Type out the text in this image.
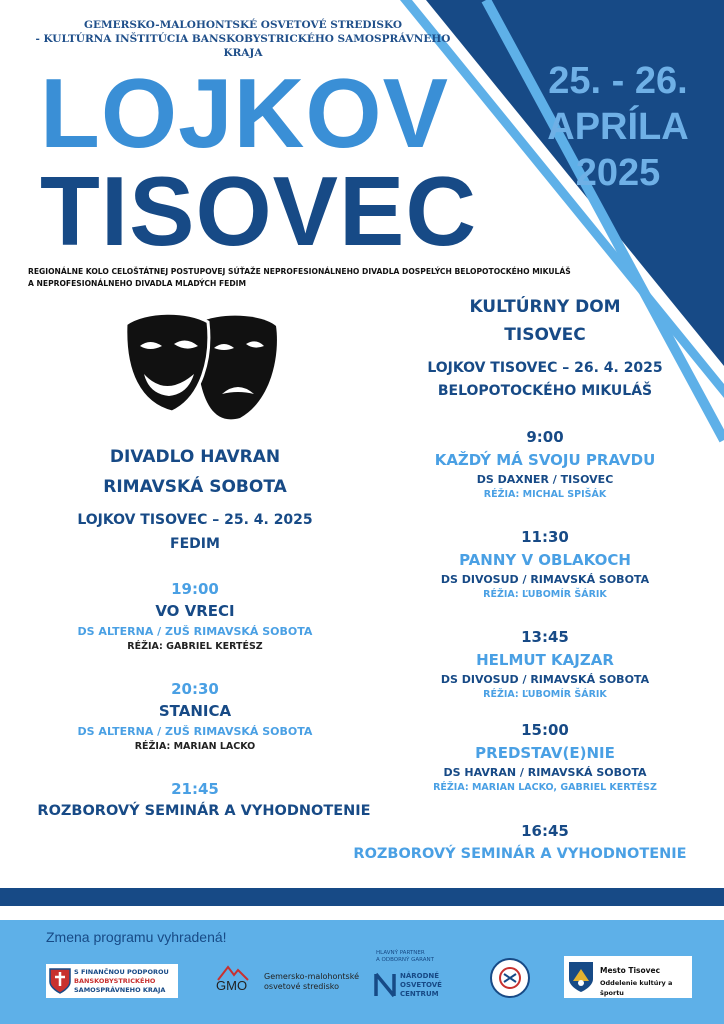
GEMERSKO-MALOHONTSKÉ OSVETOVÉ STREDISKO
- KULTÚRNA INŠTITÚCIA BANSKOBYSTRICKÉHO SAMOSPRÁVNEHO KRAJA
LOJKOV
TISOVEC
25. - 26.
APRÍLA
2025
REGIONÁLNE KOLO CELOŠTÁTNEJ POSTUPOVEJ SÚŤAŽE NEPROFESIONÁLNEHO DIVADLA DOSPELÝCH BELOPOTOCKÉHO MIKULÁŠ
A NEPROFESIONÁLNEHO DIVADLA MLADÝCH FEDIM
DIVADLO HAVRAN
RIMAVSKÁ SOBOTA
LOJKOV TISOVEC – 25. 4. 2025
FEDIM
19:00
VO VRECI
DS ALTERNA / ZUŠ RIMAVSKÁ SOBOTA
RÉŽIA: GABRIEL KERTÉSZ
20:30
STANICA
DS ALTERNA / ZUŠ RIMAVSKÁ SOBOTA
RÉŽIA: MARIAN LACKO
21:45
ROZBOROVÝ SEMINÁR A VYHODNOTENIE
KULTÚRNY DOM
TISOVEC
LOJKOV TISOVEC – 26. 4. 2025
BELOPOTOCKÉHO MIKULÁŠ
9:00
KAŽDÝ MÁ SVOJU PRAVDU
DS DAXNER / TISOVEC
RÉŽIA: MICHAL SPIŠÁK
11:30
PANNY V OBLAKOCH
DS DIVOSUD / RIMAVSKÁ SOBOTA
RÉŽIA: ĽUBOMÍR ŠÁRIK
13:45
HELMUT KAJZAR
DS DIVOSUD / RIMAVSKÁ SOBOTA
RÉŽIA: ĽUBOMÍR ŠÁRIK
15:00
PREDSTAV(E)NIE
DS HAVRAN / RIMAVSKÁ SOBOTA
RÉŽIA: MARIAN LACKO, GABRIEL KERTÉSZ
16:45
ROZBOROVÝ SEMINÁR A VYHODNOTENIE
Zmena programu vyhradená!
S FINANČNOU PODPOROU
BANSKOBYSTRICKÉHO
SAMOSPRÁVNEHO KRAJA	GMO
Gemersko-malohontské
osvetové stredisko
HLAVNÝ PARTNER
A ODBORNÝ GARANT
NÁRODNÉ
OSVETOVÉ
CENTRUM
Mesto Tisovec
Oddelenie kultúry a športu
